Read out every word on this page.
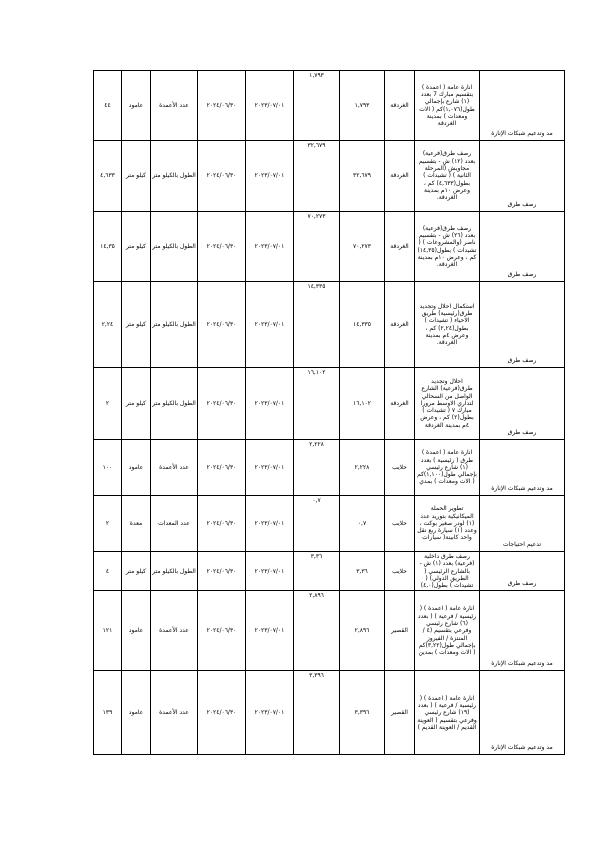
٤٤	عامود	عدد الأعمدة	٢٠٢٤/٠٦/٣٠	٢٠٢٣/٠٧/٠١	١,٧٩٣	١,٧٩٣	الغردقة	انارة عامة ( اعمدة ) بتقسيم مبارك 7 بعدد (١) شارع بإجمالي طول(١,٠٧٦)كم ( الات ومعدات ) بمدينة الغردقة	مد وتدعيم شبكات الإنارة
٤,٦٣٣	كيلو متر	الطول بالكيلو متر	٢٠٢٤/٠٦/٣٠	٢٠٢٣/٠٧/٠١	٣٢,٦٧٩	٣٢,٦٧٩	الغردقة	رصف طرق(فرعية) بعدد (١٢) ش - بتقسيم مجاويش (المرحلة الثانية ) ( تشيدات ) بطول(٤,٦٣٣) كم ، وعرض ١٠م بمدينة الغردقة.	رصف طرق
١٤,٣٥	كيلو متر	الطول بالكيلو متر	٢٠٢٤/٠٦/٣٠	٢٠٢٣/٠٧/٠١	٧٠,٢٧٣	٧٠,٢٧٣	الغردقة	رصف طرق(فرعية) بعدد (٢٦) ش - بتقسيم ناصر (والمشروعات ) ( تشيدات ) بطول(١٤,٣٥) كم ، وعرض ١٠م بمدينة الغردقة.	رصف طرق
٢,٢٤	كيلو متر	الطول بالكيلو متر	٢٠٢٤/٠٦/٣٠	٢٠٢٣/٠٧/٠١	١٤,٣٣٥	١٤,٣٣٥	الغردقة	استكمال احلال وتجديد طرق(رئيسية) طريق الاحياء ( تشيدات ) بطول(٢,٢٤) كم ، وعرض ٤م بمدينة الغردقة.	رصف طرق
٢	كيلو متر	الطول بالكيلو متر	٢٠٢٤/٠٦/٣٠	٢٠٢٣/٠٧/٠١	١٦,١٠٢	١٦,١٠٢	الغردقة	احلال وتجديد طرق(فرعية) الشارع الواصل من السحالي لتداري الاوسط مرورا مبارك ٧ ( تشيدات ) بطول(٢) كم ، وعرض ٤م بمدينة الغردقة	رصف طرق
١٠٠	عامود	عدد الأعمدة	٢٠٢٤/٠٦/٣٠	٢٠٢٣/٠٧/٠١	٢,٢٢٨	٢,٢٢٨	حلايب	انارة عامة ( اعمدة ) طرق ( رئيسية ) بعدد (١) شارع رئيسي بإجمالي طول(١,١٠٠)كم ( الات ومعدات ) بمدي	مد وتدعيم شبكات الإنارة
٢	معدة	عدد المعدات	٢٠٢٤/٠٦/٣٠	٢٠٢٣/٠٧/٠١	٠,٧	٠,٧	حلايب	تطوير الحملة الميكانيكية بتوريد عدد (١) لودر صغير بوكت ، وعدد (١) سيارة ربع نقل واحد كابينة( سيارات	تدعيم احتياجات
٤	كيلو متر	الطول بالكيلو متر	٢٠٢٤/٠٦/٣٠	٢٠٢٣/٠٧/٠١	٣,٣٦	٣,٣٦	حلايب	رصف طرق داخلية (فرعية) بعدد (١) ش - بالشارع الرئيسي ( الطريق الدولي) ( تشيدات ) بطول(٤,٠)	رصف طرق
١٢١	عامود	عدد الأعمدة	٢٠٢٤/٠٦/٣٠	٢٠٢٣/٠٧/٠١	٢,٨٩٦	٢,٨٩٦	القصير	انارة عامة ( اعمدة ) ( رئيسية / فرعية ) ( بعدد (٦) شارع رئيسي وفرعي بتقسيم (٤ / المنتزة / الفيروز بإجمالي طول(٣,٢٢)كم ( الات ومعدات ) بمدين	مد وتدعيم شبكات الإنارة
١٣٩	عامود	عدد الأعمدة	٢٠٢٤/٠٦/٣٠	٢٠٢٣/٠٧/٠١	٣,٣٩٦	٣,٣٩٦	القصير	انارة عامة ( اعمدة ) ( رئيسية / فرعية ) ( بعدد (١٩) شارع رئيسي وفرعي بتقسيم ( العوينة القديم / العوينة القديم )	مد وتدعيم شبكات الإنارة
